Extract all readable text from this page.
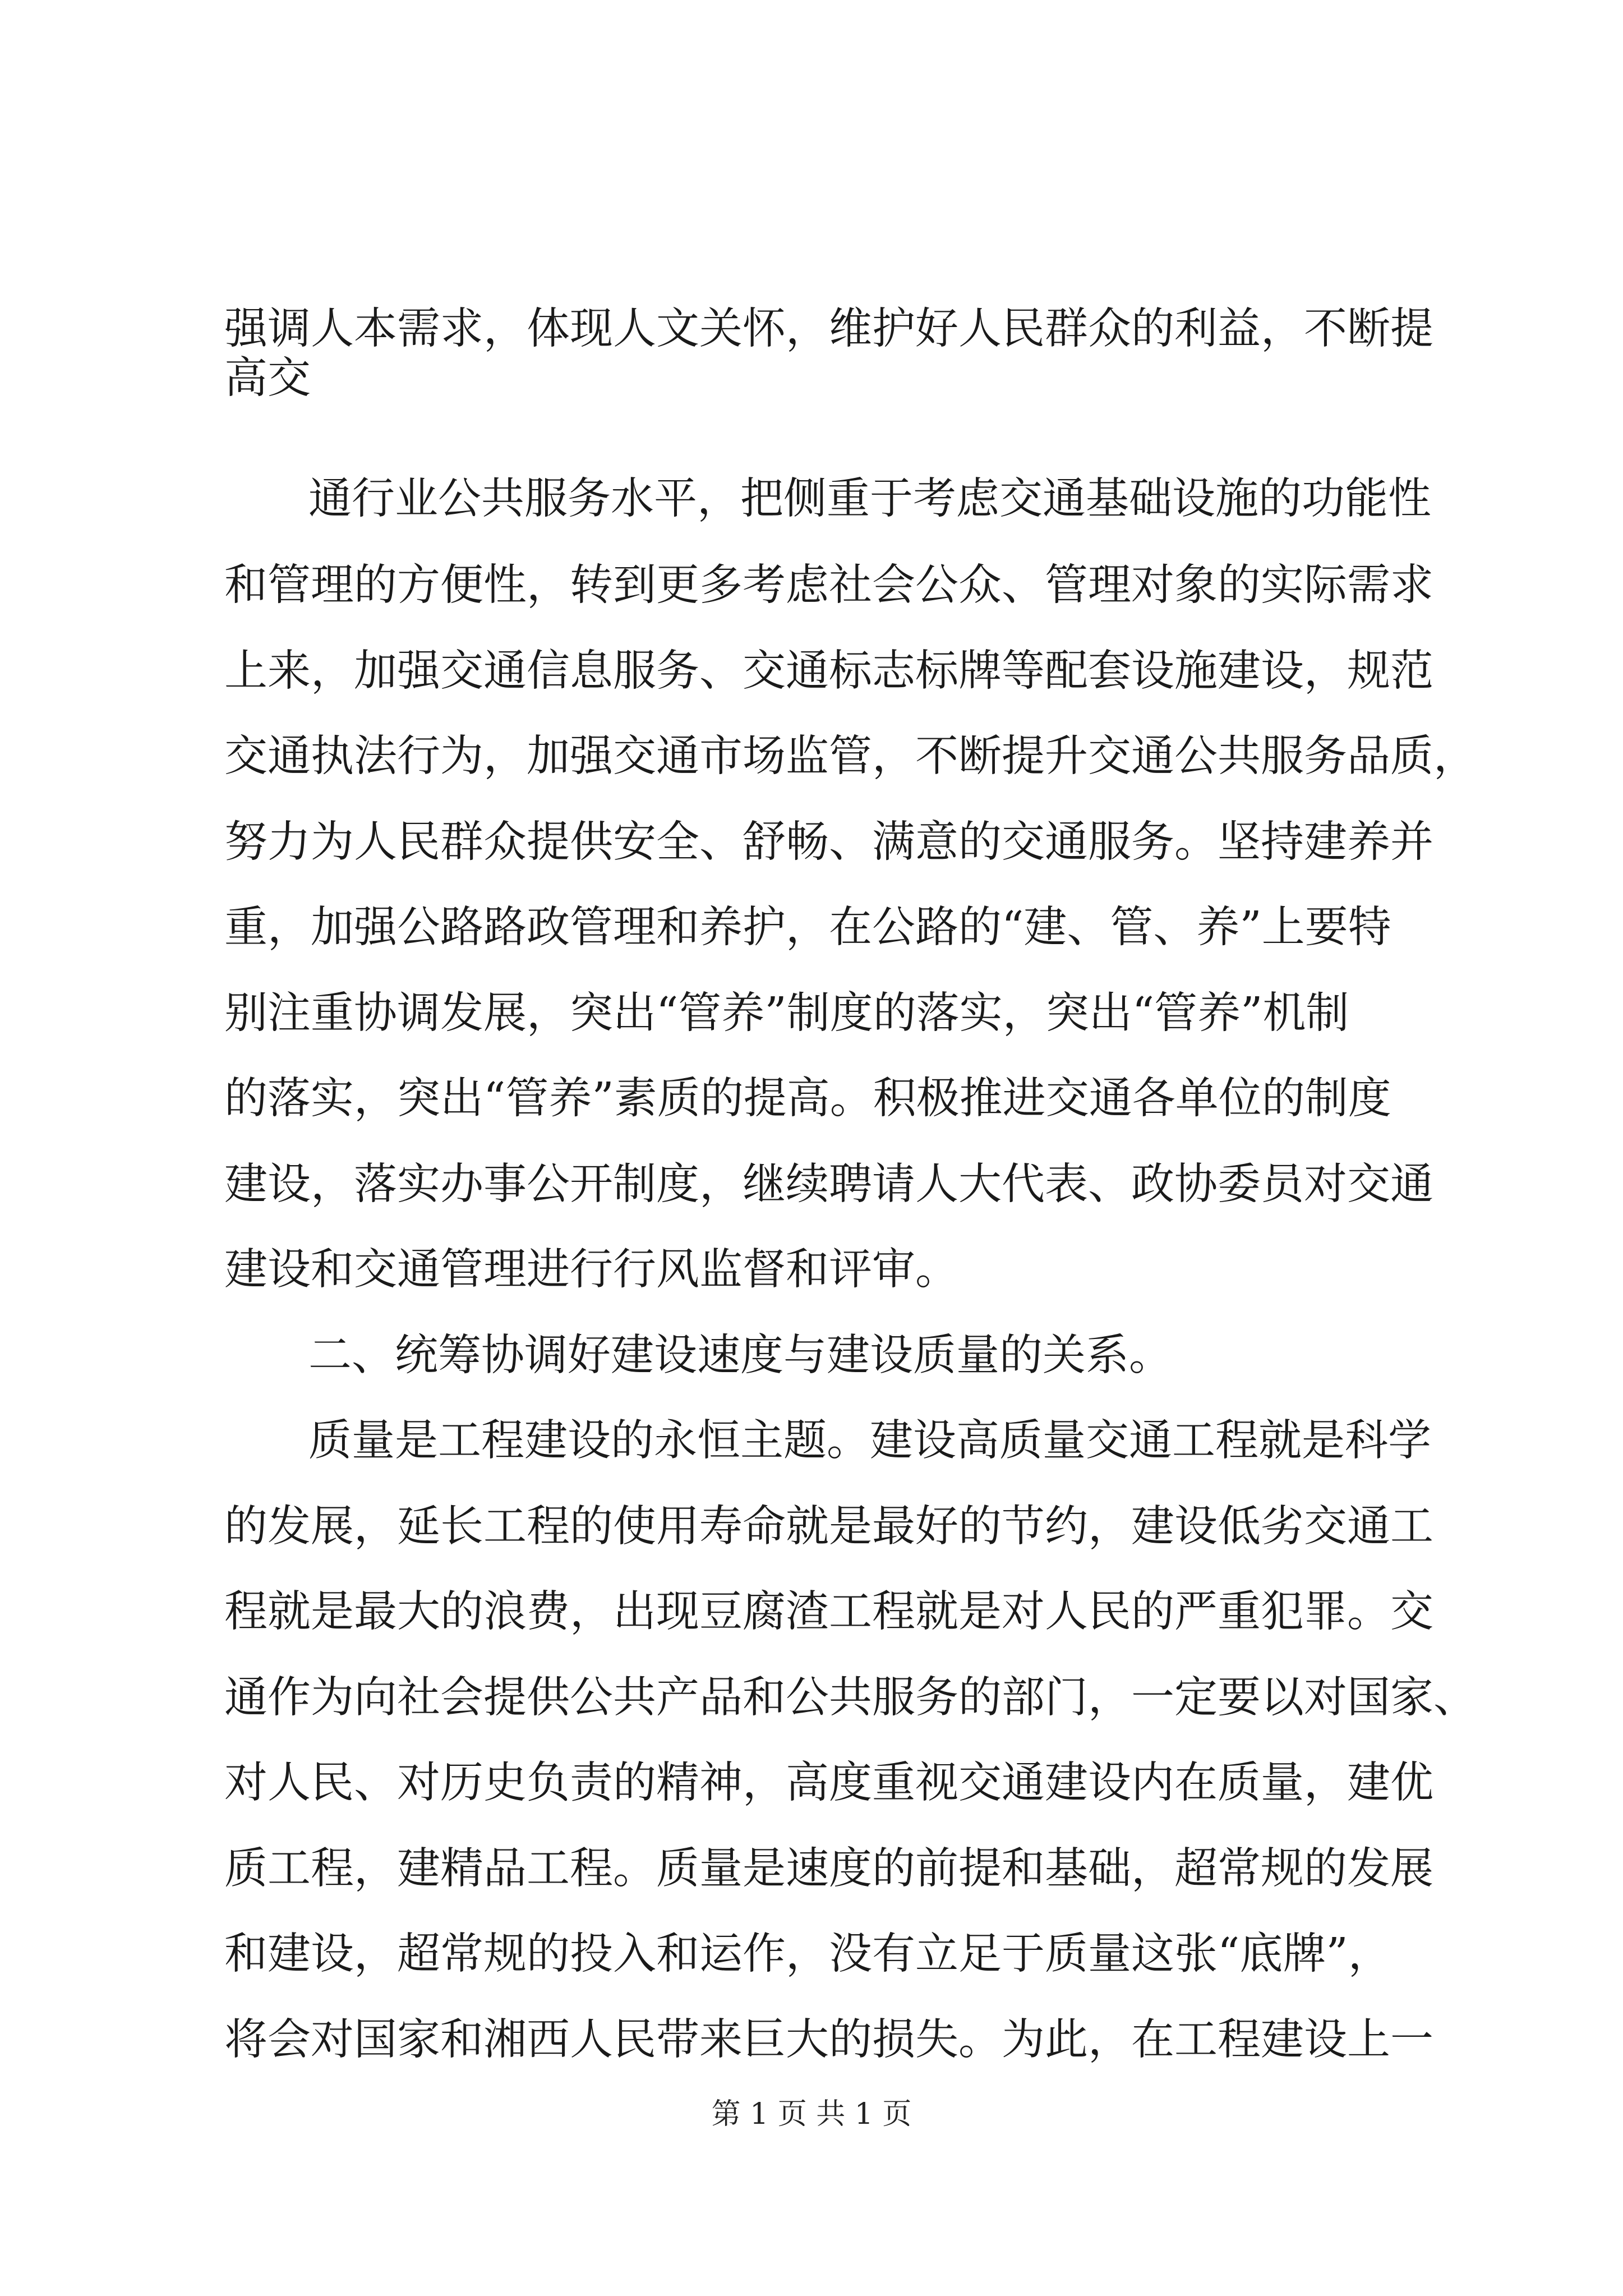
强调人本需求，体现人文关怀，维护好人民群众的利益，不断提
高交
通行业公共服务水平，把侧重于考虑交通基础设施的功能性
和管理的方便性，转到更多考虑社会公众、管理对象的实际需求
上来，加强交通信息服务、交通标志标牌等配套设施建设，规范
交通执法行为，加强交通市场监管，不断提升交通公共服务品质，
努力为人民群众提供安全、舒畅、满意的交通服务。坚持建养并
重，加强公路路政管理和养护，在公路的“建、管、养”上要特
别注重协调发展，突出“管养”制度的落实，突出“管养”机制
的落实，突出“管养”素质的提高。积极推进交通各单位的制度
建设，落实办事公开制度，继续聘请人大代表、政协委员对交通
建设和交通管理进行行风监督和评审。
二、统筹协调好建设速度与建设质量的关系。
质量是工程建设的永恒主题。建设高质量交通工程就是科学
的发展，延长工程的使用寿命就是最好的节约，建设低劣交通工
程就是最大的浪费，出现豆腐渣工程就是对人民的严重犯罪。交
通作为向社会提供公共产品和公共服务的部门，一定要以对国家、
对人民、对历史负责的精神，高度重视交通建设内在质量，建优
质工程，建精品工程。质量是速度的前提和基础，超常规的发展
和建设，超常规的投入和运作，没有立足于质量这张“底牌”，
将会对国家和湘西人民带来巨大的损失。为此，在工程建设上一
第 1 页 共 1 页
